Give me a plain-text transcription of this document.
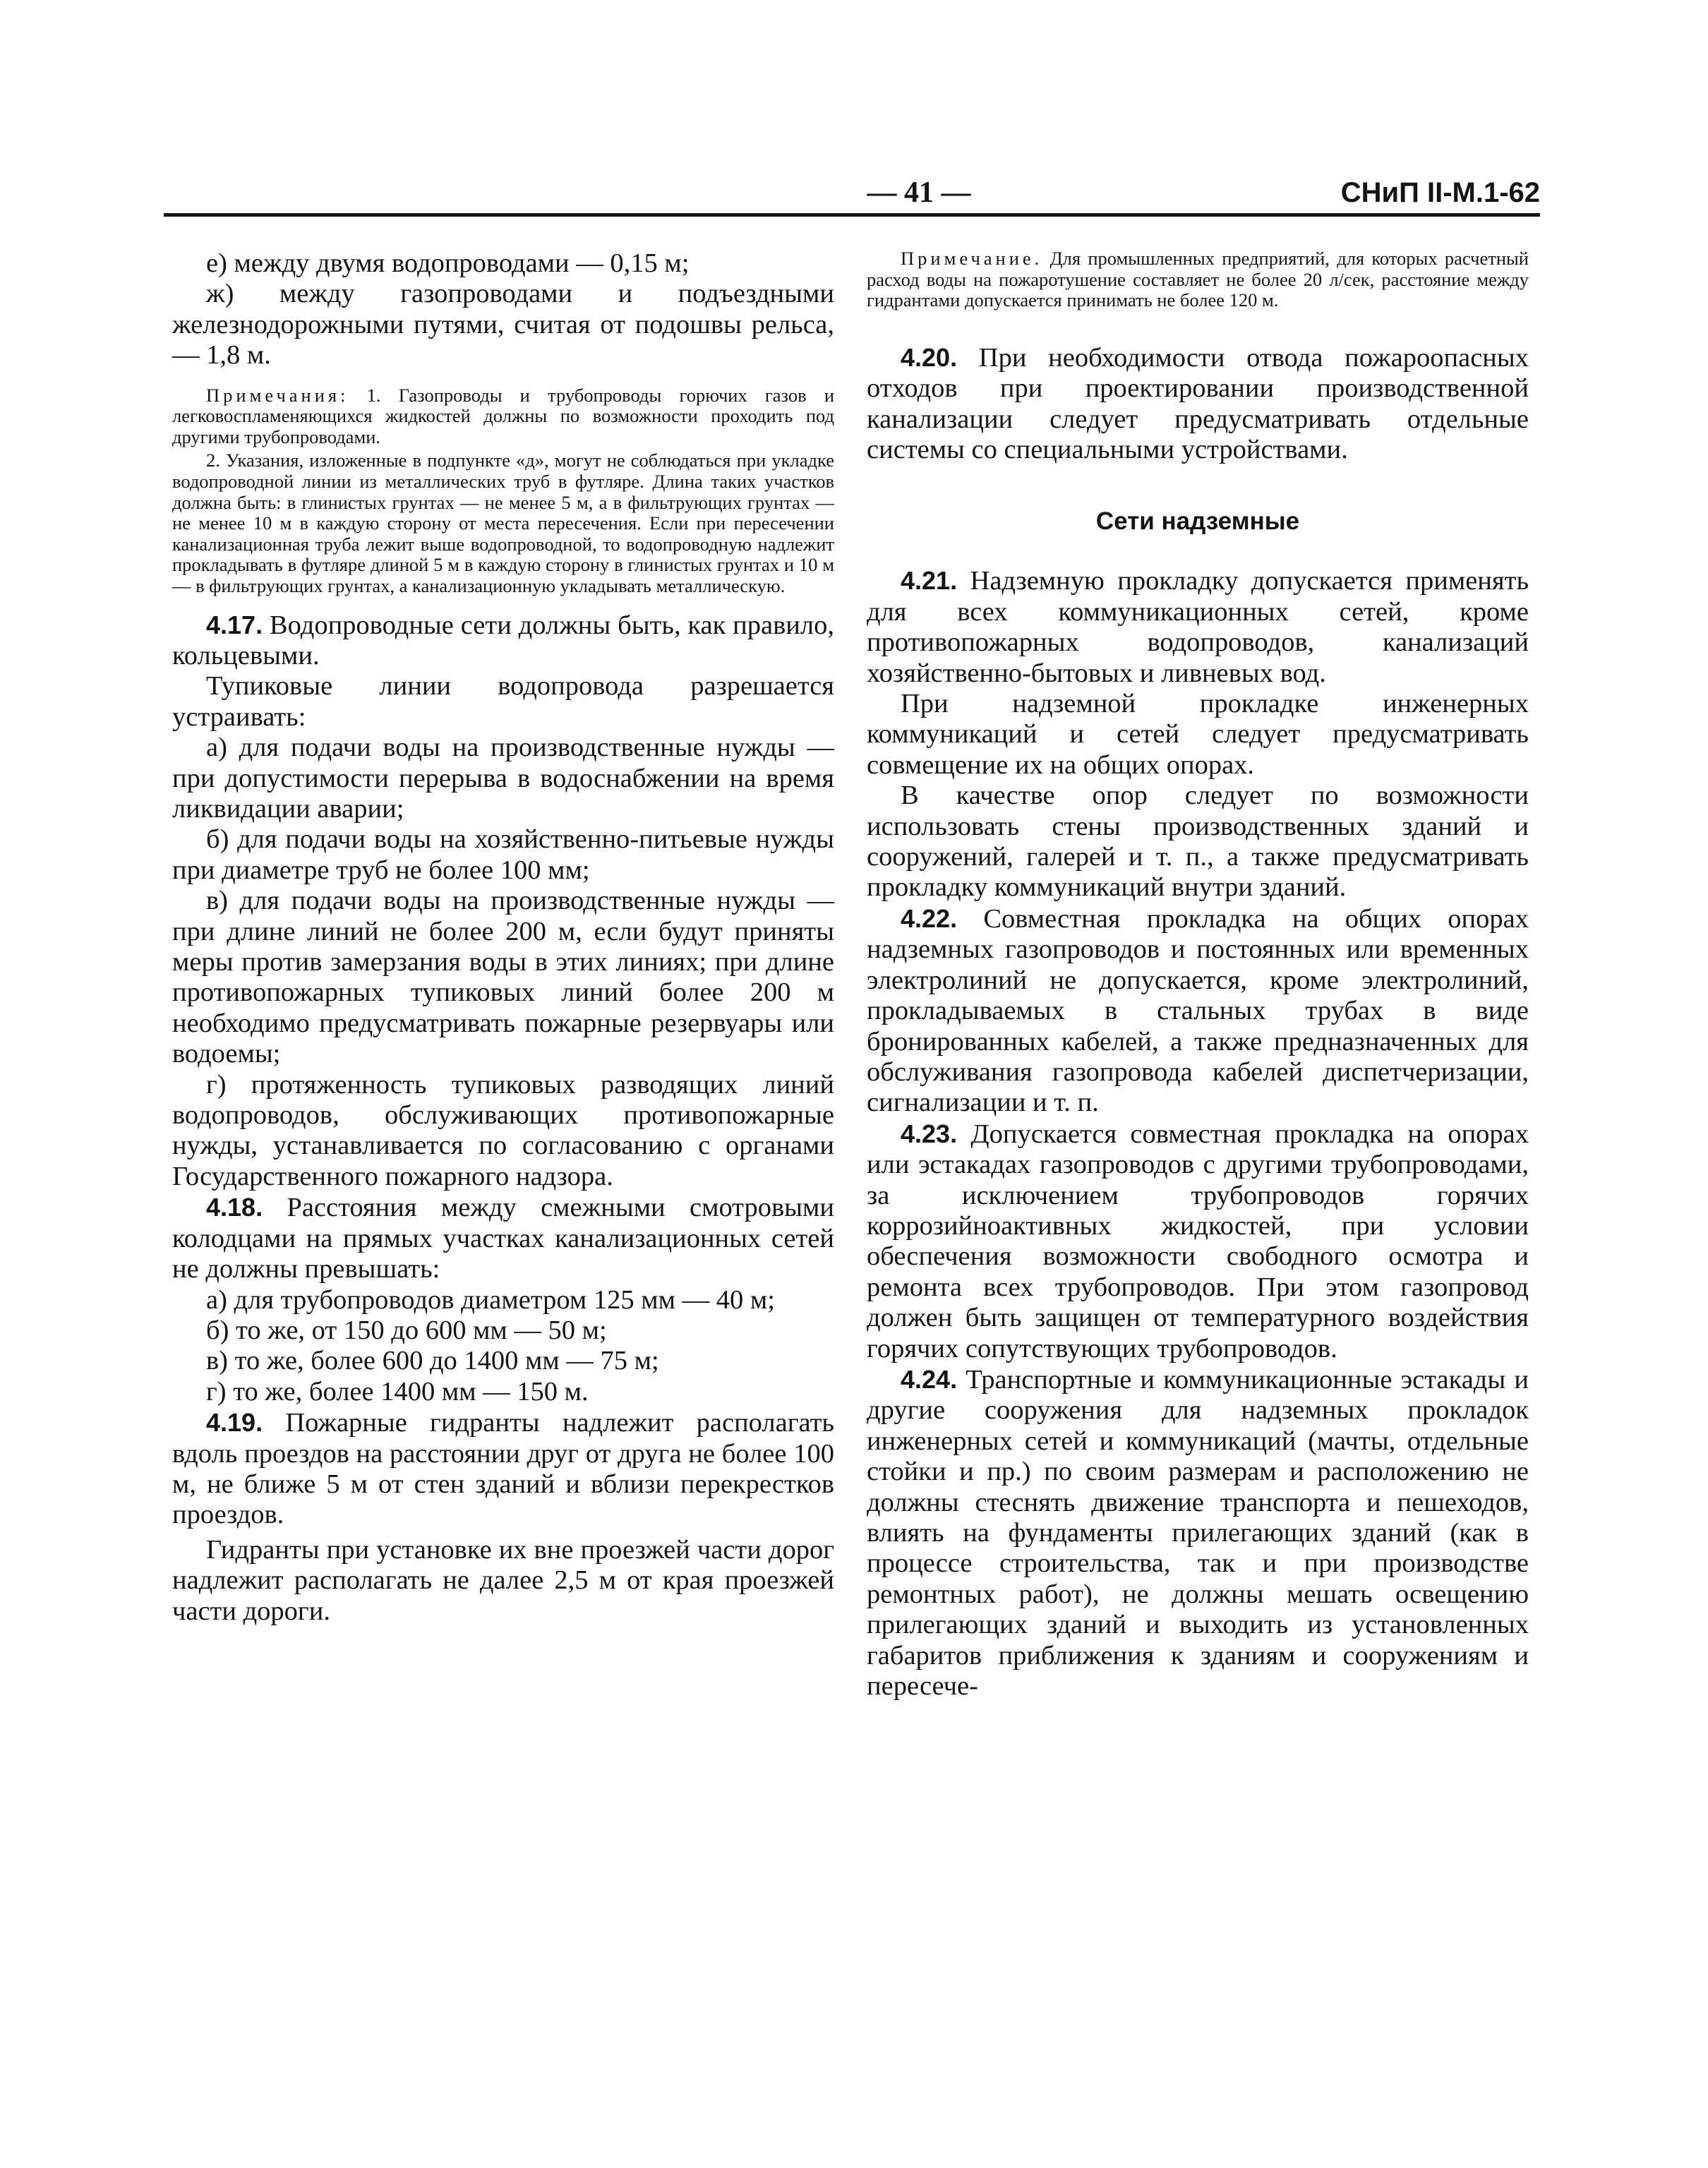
— 41 —	СНиП II-М.1-62

е) между двумя водопроводами — 0,15 м;

ж) между газопроводами и подъездными железнодорожными путями, считая от подошвы рельса, — 1,8 м.

Примечания: 1. Газопроводы и трубопроводы горючих газов и легковоспламеняющихся жидкостей должны по возможности проходить под другими трубопроводами.

2. Указания, изложенные в подпункте «д», могут не соблюдаться при укладке водопроводной линии из металлических труб в футляре. Длина таких участков должна быть: в глинистых грунтах — не менее 5 м, а в фильтрующих грунтах — не менее 10 м в каждую сторону от места пересечения. Если при пересечении канализационная труба лежит выше водопроводной, то водопроводную надлежит прокладывать в футляре длиной 5 м в каждую сторону в глинистых грунтах и 10 м — в фильтрующих грунтах, а канализационную укладывать металлическую.

4.17. Водопроводные сети должны быть, как правило, кольцевыми.

Тупиковые линии водопровода разрешается устраивать:

а) для подачи воды на производственные нужды — при допустимости перерыва в водоснабжении на время ликвидации аварии;

б) для подачи воды на хозяйственно-питьевые нужды при диаметре труб не более 100 мм;

в) для подачи воды на производственные нужды — при длине линий не более 200 м, если будут приняты меры против замерзания воды в этих линиях; при длине противопожарных тупиковых линий более 200 м необходимо предусматривать пожарные резервуары или водоемы;

г) протяженность тупиковых разводящих линий водопроводов, обслуживающих противопожарные нужды, устанавливается по согласованию с органами Государственного пожарного надзора.

4.18. Расстояния между смежными смотровыми колодцами на прямых участках канализационных сетей не должны превышать:

а) для трубопроводов диаметром 125 мм — 40 м;

б) то же, от 150 до 600 мм — 50 м;

в) то же, более 600 до 1400 мм — 75 м;

г) то же, более 1400 мм — 150 м.

4.19. Пожарные гидранты надлежит располагать вдоль проездов на расстоянии друг от друга не более 100 м, не ближе 5 м от стен зданий и вблизи перекрестков проездов.

Гидранты при установке их вне проезжей части дорог надлежит располагать не далее 2,5 м от края проезжей части дороги.

Примечание. Для промышленных предприятий, для которых расчетный расход воды на пожаротушение составляет не более 20 л/сек, расстояние между гидрантами допускается принимать не более 120 м.

4.20. При необходимости отвода пожароопасных отходов при проектировании производственной канализации следует предусматривать отдельные системы со специальными устройствами.

Сети надземные

4.21. Надземную прокладку допускается применять для всех коммуникационных сетей, кроме противопожарных водопроводов, канализаций хозяйственно-бытовых и ливневых вод.

При надземной прокладке инженерных коммуникаций и сетей следует предусматривать совмещение их на общих опорах.

В качестве опор следует по возможности использовать стены производственных зданий и сооружений, галерей и т. п., а также предусматривать прокладку коммуникаций внутри зданий.

4.22. Совместная прокладка на общих опорах надземных газопроводов и постоянных или временных электролиний не допускается, кроме электролиний, прокладываемых в стальных трубах в виде бронированных кабелей, а также предназначенных для обслуживания газопровода кабелей диспетчеризации, сигнализации и т. п.

4.23. Допускается совместная прокладка на опорах или эстакадах газопроводов с другими трубопроводами, за исключением трубопроводов горячих коррозийноактивных жидкостей, при условии обеспечения возможности свободного осмотра и ремонта всех трубопроводов. При этом газопровод должен быть защищен от температурного воздействия горячих сопутствующих трубопроводов.

4.24. Транспортные и коммуникационные эстакады и другие сооружения для надземных прокладок инженерных сетей и коммуникаций (мачты, отдельные стойки и пр.) по своим размерам и расположению не должны стеснять движение транспорта и пешеходов, влиять на фундаменты прилегающих зданий (как в процессе строительства, так и при производстве ремонтных работ), не должны мешать освещению прилегающих зданий и выходить из установленных габаритов приближения к зданиям и сооружениям и пересече-
